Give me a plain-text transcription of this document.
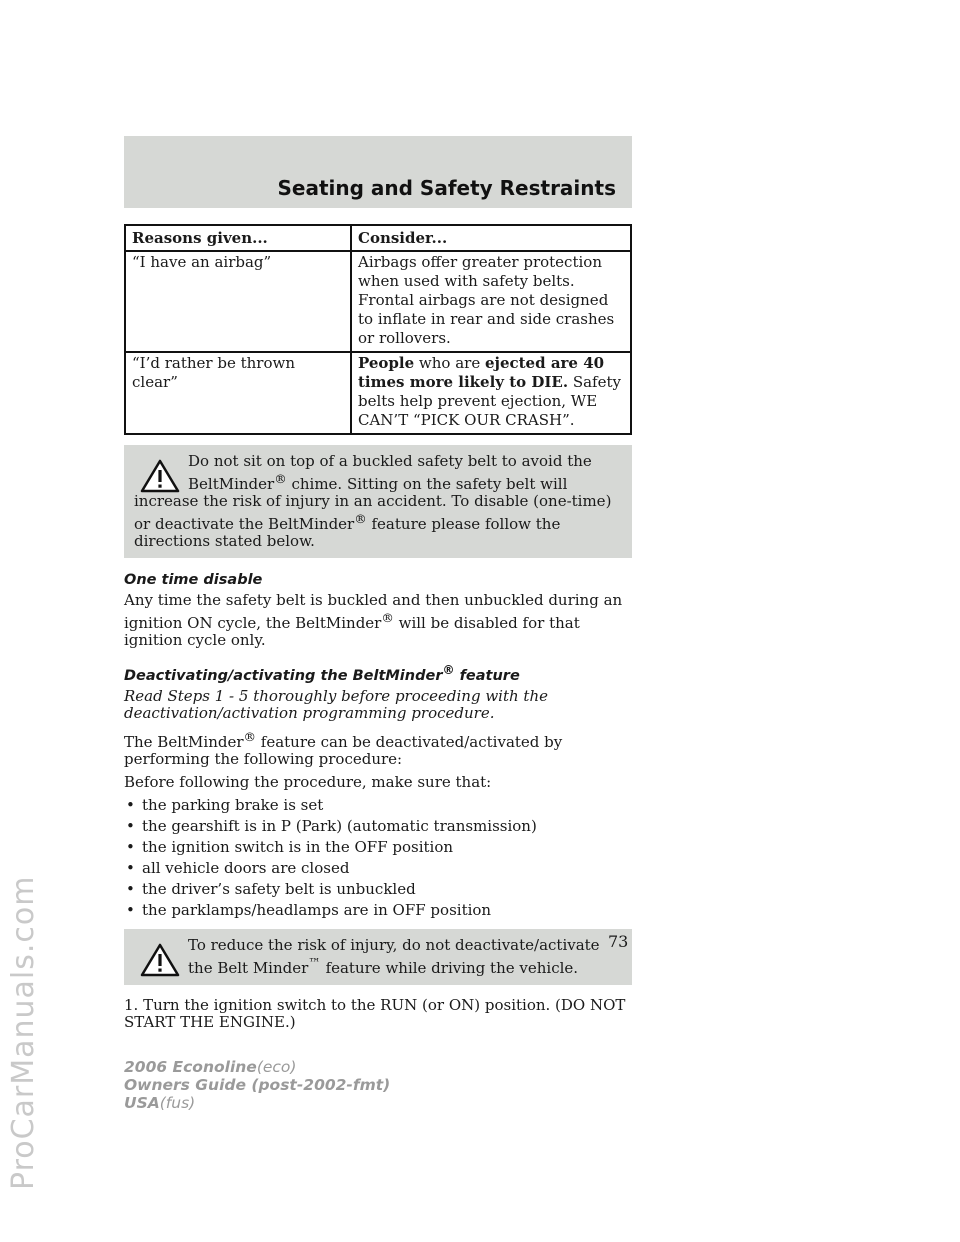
ProCarManuals.com
Seating and Safety Restraints
Reasons given...	Consider...
“I have an airbag”	Airbags offer greater protection when used with safety belts. Frontal airbags are not designed to inflate in rear and side crashes or rollovers.
“I’d rather be thrown clear”	People who are ejected are 40 times more likely to DIE. Safety belts help prevent ejection, WE CAN’T “PICK OUR CRASH”.

Do not sit on top of a buckled safety belt to avoid the BeltMinder® chime. Sitting on the safety belt will increase the risk of injury in an accident. To disable (one-time) or deactivate the BeltMinder® feature please follow the directions stated below.

One time disable

Any time the safety belt is buckled and then unbuckled during an ignition ON cycle, the BeltMinder® will be disabled for that ignition cycle only.

Deactivating/activating the BeltMinder® feature

Read Steps 1 - 5 thoroughly before proceeding with the deactivation/activation programming procedure.

The BeltMinder® feature can be deactivated/activated by performing the following procedure:

Before following the procedure, make sure that:

• the parking brake is set
• the gearshift is in P (Park) (automatic transmission)
• the ignition switch is in the OFF position
• all vehicle doors are closed
• the driver’s safety belt is unbuckled
• the parklamps/headlamps are in OFF position

To reduce the risk of injury, do not deactivate/activate the Belt Minder™ feature while driving the vehicle.

1. Turn the ignition switch to the RUN (or ON) position. (DO NOT START THE ENGINE.)

73
2006 Econoline(eco)
Owners Guide (post-2002-fmt)
USA(fus)
